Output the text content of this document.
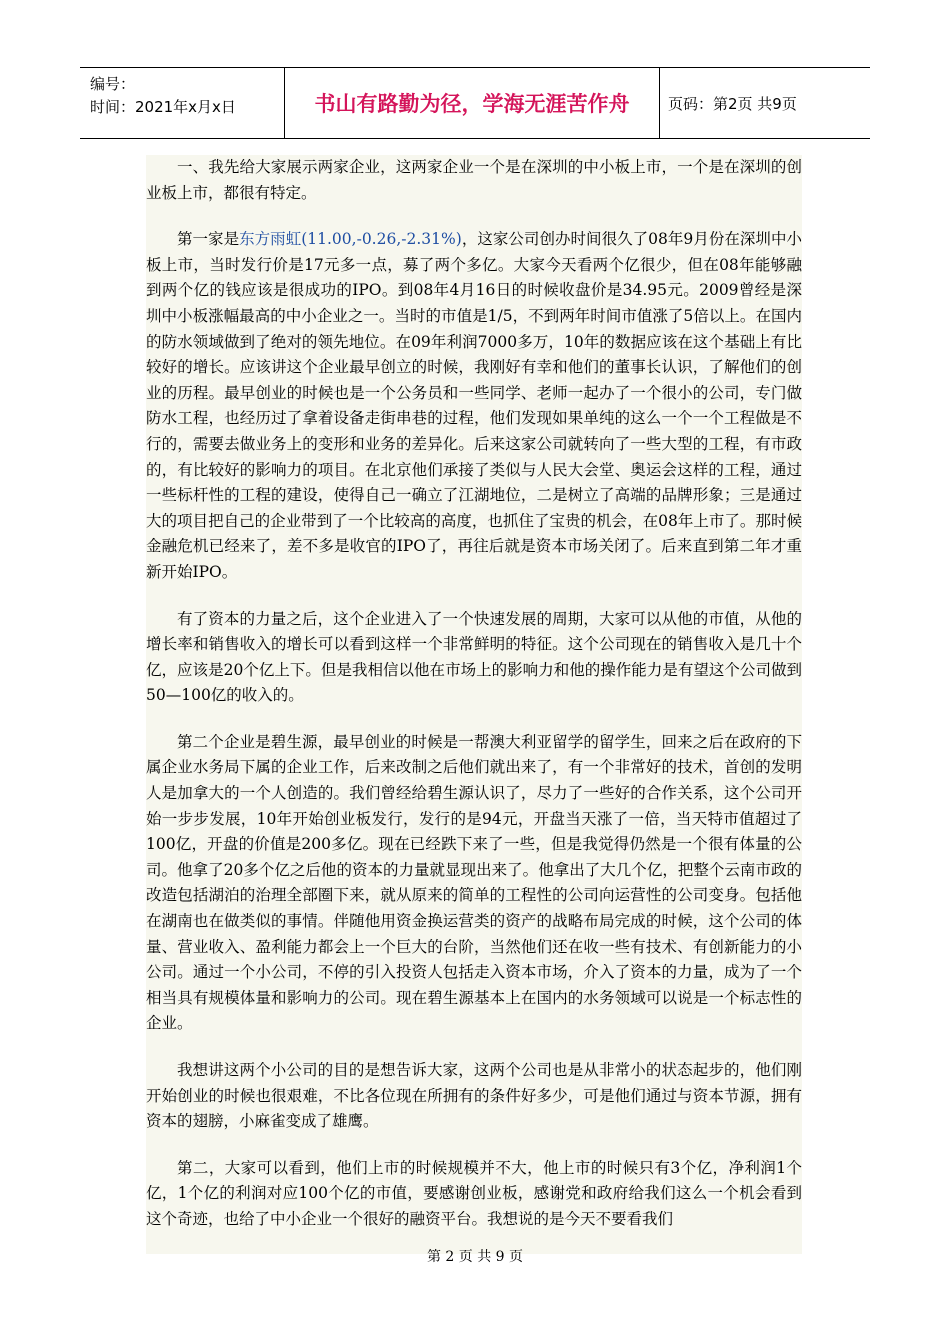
编号：
时间：2021年x月x日	书山有路勤为径，学海无涯苦作舟	页码：第2页 共9页

一、我先给大家展示两家企业，这两家企业一个是在深圳的中小板上市，一个是在深圳的创业板上市，都很有特定。

第一家是东方雨虹(11.00,-0.26,-2.31%)，这家公司创办时间很久了08年9月份在深圳中小板上市，当时发行价是17元多一点，募了两个多亿。大家今天看两个亿很少，但在08年能够融到两个亿的钱应该是很成功的IPO。到08年4月16日的时候收盘价是34.95元。2009曾经是深圳中小板涨幅最高的中小企业之一。当时的市值是1/5，不到两年时间市值涨了5倍以上。在国内的防水领域做到了绝对的领先地位。在09年利润7000多万，10年的数据应该在这个基础上有比较好的增长。应该讲这个企业最早创立的时候，我刚好有幸和他们的董事长认识，了解他们的创业的历程。最早创业的时候也是一个公务员和一些同学、老师一起办了一个很小的公司，专门做防水工程，也经历过了拿着设备走街串巷的过程，他们发现如果单纯的这么一个一个工程做是不行的，需要去做业务上的变形和业务的差异化。后来这家公司就转向了一些大型的工程，有市政的，有比较好的影响力的项目。在北京他们承接了类似与人民大会堂、奥运会这样的工程，通过一些标杆性的工程的建设，使得自己一确立了江湖地位，二是树立了高端的品牌形象；三是通过大的项目把自己的企业带到了一个比较高的高度，也抓住了宝贵的机会，在08年上市了。那时候金融危机已经来了，差不多是收官的IPO了，再往后就是资本市场关闭了。后来直到第二年才重新开始IPO。

有了资本的力量之后，这个企业进入了一个快速发展的周期，大家可以从他的市值，从他的增长率和销售收入的增长可以看到这样一个非常鲜明的特征。这个公司现在的销售收入是几十个亿，应该是20个亿上下。但是我相信以他在市场上的影响力和他的操作能力是有望这个公司做到50—100亿的收入的。

第二个企业是碧生源，最早创业的时候是一帮澳大利亚留学的留学生，回来之后在政府的下属企业水务局下属的企业工作，后来改制之后他们就出来了，有一个非常好的技术，首创的发明人是加拿大的一个人创造的。我们曾经给碧生源认识了，尽力了一些好的合作关系，这个公司开始一步步发展，10年开始创业板发行，发行的是94元，开盘当天涨了一倍，当天特市值超过了100亿，开盘的价值是200多亿。现在已经跌下来了一些，但是我觉得仍然是一个很有体量的公司。他拿了20多个亿之后他的资本的力量就显现出来了。他拿出了大几个亿，把整个云南市政的改造包括湖泊的治理全部圈下来，就从原来的简单的工程性的公司向运营性的公司变身。包括他在湖南也在做类似的事情。伴随他用资金换运营类的资产的战略布局完成的时候，这个公司的体量、营业收入、盈利能力都会上一个巨大的台阶，当然他们还在收一些有技术、有创新能力的小公司。通过一个小公司，不停的引入投资人包括走入资本市场，介入了资本的力量，成为了一个相当具有规模体量和影响力的公司。现在碧生源基本上在国内的水务领域可以说是一个标志性的企业。

我想讲这两个小公司的目的是想告诉大家，这两个公司也是从非常小的状态起步的，他们刚开始创业的时候也很艰难，不比各位现在所拥有的条件好多少，可是他们通过与资本节源，拥有资本的翅膀，小麻雀变成了雄鹰。

第二，大家可以看到，他们上市的时候规模并不大，他上市的时候只有3个亿，净利润1个亿，1个亿的利润对应100个亿的市值，要感谢创业板，感谢党和政府给我们这么一个机会看到这个奇迹，也给了中小企业一个很好的融资平台。我想说的是今天不要看我们

第 2 页 共 9 页
